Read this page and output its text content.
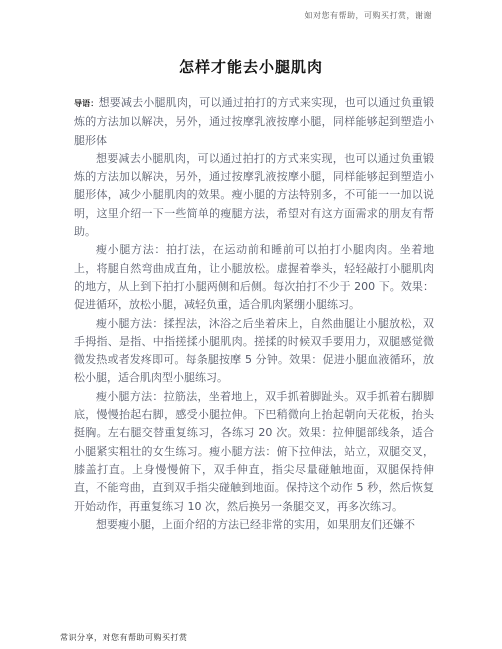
如对您有帮助，可购买打赏，谢谢
怎样才能去小腿肌肉

导语：想要减去小腿肌肉，可以通过拍打的方式来实现，也可以通过负重锻炼的方法加以解决，另外，通过按摩乳液按摩小腿，同样能够起到塑造小腿形体

想要减去小腿肌肉，可以通过拍打的方式来实现，也可以通过负重锻炼的方法加以解决，另外，通过按摩乳液按摩小腿，同样能够起到塑造小腿形体，减少小腿肌肉的效果。瘦小腿的方法特别多，不可能一一加以说明，这里介绍一下一些简单的瘦腿方法，希望对有这方面需求的朋友有帮助。

瘦小腿方法：拍打法，在运动前和睡前可以拍打小腿肉肉。坐着地上，将腿自然弯曲成直角，让小腿放松。虚握着拳头，轻轻敲打小腿肌肉的地方，从上到下拍打小腿两侧和后侧。每次拍打不少于 200 下。效果：促进循环，放松小腿，减轻负重，适合肌肉紧绷小腿练习。

瘦小腿方法：揉捏法，沐浴之后坐着床上，自然曲腿让小腿放松，双手拇指、是指、中指搓揉小腿肌肉。搓揉的时候双手要用力，双腿感觉微微发热或者发疼即可。每条腿按摩 5 分钟。效果：促进小腿血液循环，放松小腿，适合肌肉型小腿练习。

瘦小腿方法：拉筋法，坐着地上，双手抓着脚趾头。双手抓着右脚脚底，慢慢抬起右脚，感受小腿拉伸。下巴稍微向上抬起朝向天花板，抬头挺胸。左右腿交替重复练习，各练习 20 次。效果：拉伸腿部线条，适合小腿紧实粗壮的女生练习。瘦小腿方法：俯下拉伸法，站立，双腿交叉，膝盖打直。上身慢慢俯下，双手伸直，指尖尽量碰触地面，双腿保持伸直，不能弯曲，直到双手指尖碰触到地面。保持这个动作 5 秒，然后恢复开始动作，再重复练习 10 次，然后换另一条腿交叉，再多次练习。

想要瘦小腿，上面介绍的方法已经非常的实用，如果朋友们还嫌不

常识分享，对您有帮助可购买打赏
